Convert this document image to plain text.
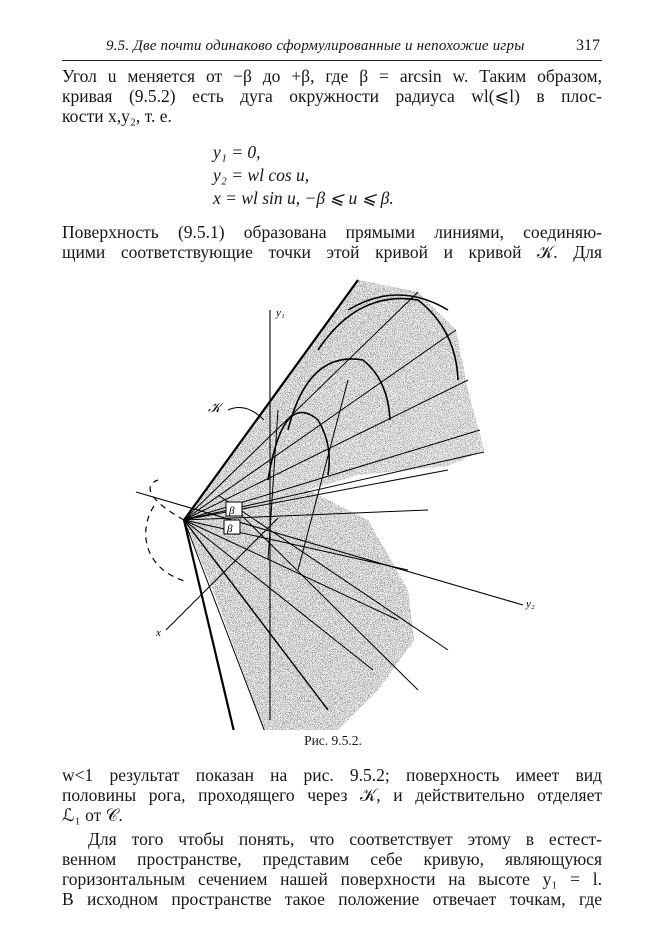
9.5. Две почти одинаково сформулированные и непохожие игры	317
Угол u меняется от −β до +β, где β = arcsin w. Таким образом,
кривая (9.5.2) есть дуга окружности радиуса wl(⩽l) в плос-
кости x,y₂, т. е.
y₁ = 0,
y₂ = wl cos u,
x = wl sin u, −β ⩽ u ⩽ β.
Поверхность (9.5.1) образована прямыми линиями, соединяю-
щими соответствующие точки этой кривой и кривой 𝒦. Для
β
β
y₁
y₂
x
𝒦
Рис. 9.5.2.
w<1 результат показан на рис. 9.5.2; поверхность имеет вид
половины рога, проходящего через 𝒦, и действительно отделяет
ℒ₁ от 𝒞.
Для того чтобы понять, что соответствует этому в естест-
венном пространстве, представим себе кривую, являющуюся
горизонтальным сечением нашей поверхности на высоте y₁ = l.
В исходном пространстве такое положение отвечает точкам, где
